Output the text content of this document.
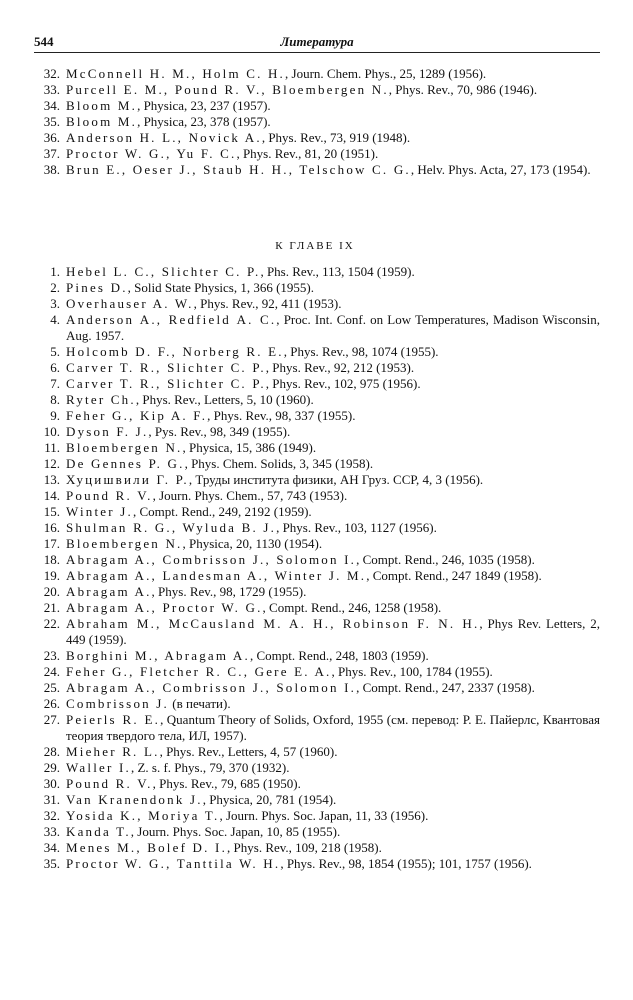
544	Литература
32. McConnell H. M., Holm C. H., Journ. Chem. Phys., 25, 1289 (1956).
33. Purcell E. M., Pound R. V., Bloembergen N., Phys. Rev., 70, 986 (1946).
34. Bloom M., Physica, 23, 237 (1957).
35. Bloom M., Physica, 23, 378 (1957).
36. Anderson H. L., Novick A., Phys. Rev., 73, 919 (1948).
37. Proctor W. G., Yu F. C., Phys. Rev., 81, 20 (1951).
38. Brun E., Oeser J., Staub H. H., Telschow C. G., Helv. Phys. Acta, 27, 173 (1954).
К ГЛАВЕ IX
1. Hebel L. C., Slichter C. P., Phs. Rev., 113, 1504 (1959).
2. Pines D., Solid State Physics, 1, 366 (1955).
3. Overhauser A. W., Phys. Rev., 92, 411 (1953).
4. Anderson A., Redfield A. C., Proc. Int. Conf. on Low Temperatures, Madison Wisconsin, Aug. 1957.
5. Holcomb D. F., Norberg R. E., Phys. Rev., 98, 1074 (1955).
6. Carver T. R., Slichter C. P., Phys. Rev., 92, 212 (1953).
7. Carver T. R., Slichter C. P., Phys. Rev., 102, 975 (1956).
8. Ryter Ch., Phys. Rev., Letters, 5, 10 (1960).
9. Feher G., Kip A. F., Phys. Rev., 98, 337 (1955).
10. Dyson F. J., Pys. Rev., 98, 349 (1955).
11. Bloembergen N., Physica, 15, 386 (1949).
12. De Gennes P. G., Phys. Chem. Solids, 3, 345 (1958).
13. Хуцишвили Г. Р., Труды института физики, АН Груз. ССР, 4, 3 (1956).
14. Pound R. V., Journ. Phys. Chem., 57, 743 (1953).
15. Winter J., Compt. Rend., 249, 2192 (1959).
16. Shulman R. G., Wyluda B. J., Phys. Rev., 103, 1127 (1956).
17. Bloembergen N., Physica, 20, 1130 (1954).
18. Abragam A., Combrisson J., Solomon I., Compt. Rend., 246, 1035 (1958).
19. Abragam A., Landesman A., Winter J. M., Compt. Rend., 247 1849 (1958).
20. Abragam A., Phys. Rev., 98, 1729 (1955).
21. Abragam A., Proctor W. G., Compt. Rend., 246, 1258 (1958).
22. Abraham M., McCausland M. A. H., Robinson F. N. H., Phys Rev. Letters, 2, 449 (1959).
23. Borghini M., Abragam A., Compt. Rend., 248, 1803 (1959).
24. Feher G., Fletcher R. C., Gere E. A., Phys. Rev., 100, 1784 (1955).
25. Abragam A., Combrisson J., Solomon I., Compt. Rend., 247, 2337 (1958).
26. Combrisson J. (в печати).
27. Peierls R. E., Quantum Theory of Solids, Oxford, 1955 (см. перевод: Р. Е. Пайерлс, Квантовая теория твердого тела, ИЛ, 1957).
28. Mieher R. L., Phys. Rev., Letters, 4, 57 (1960).
29. Waller I., Z. s. f. Phys., 79, 370 (1932).
30. Pound R. V., Phys. Rev., 79, 685 (1950).
31. Van Kranendonk J., Physica, 20, 781 (1954).
32. Yosida K., Moriya T., Journ. Phys. Soc. Japan, 11, 33 (1956).
33. Kanda T., Journ. Phys. Soc. Japan, 10, 85 (1955).
34. Menes M., Bolef D. I., Phys. Rev., 109, 218 (1958).
35. Proctor W. G., Tanttila W. H., Phys. Rev., 98, 1854 (1955); 101, 1757 (1956).
